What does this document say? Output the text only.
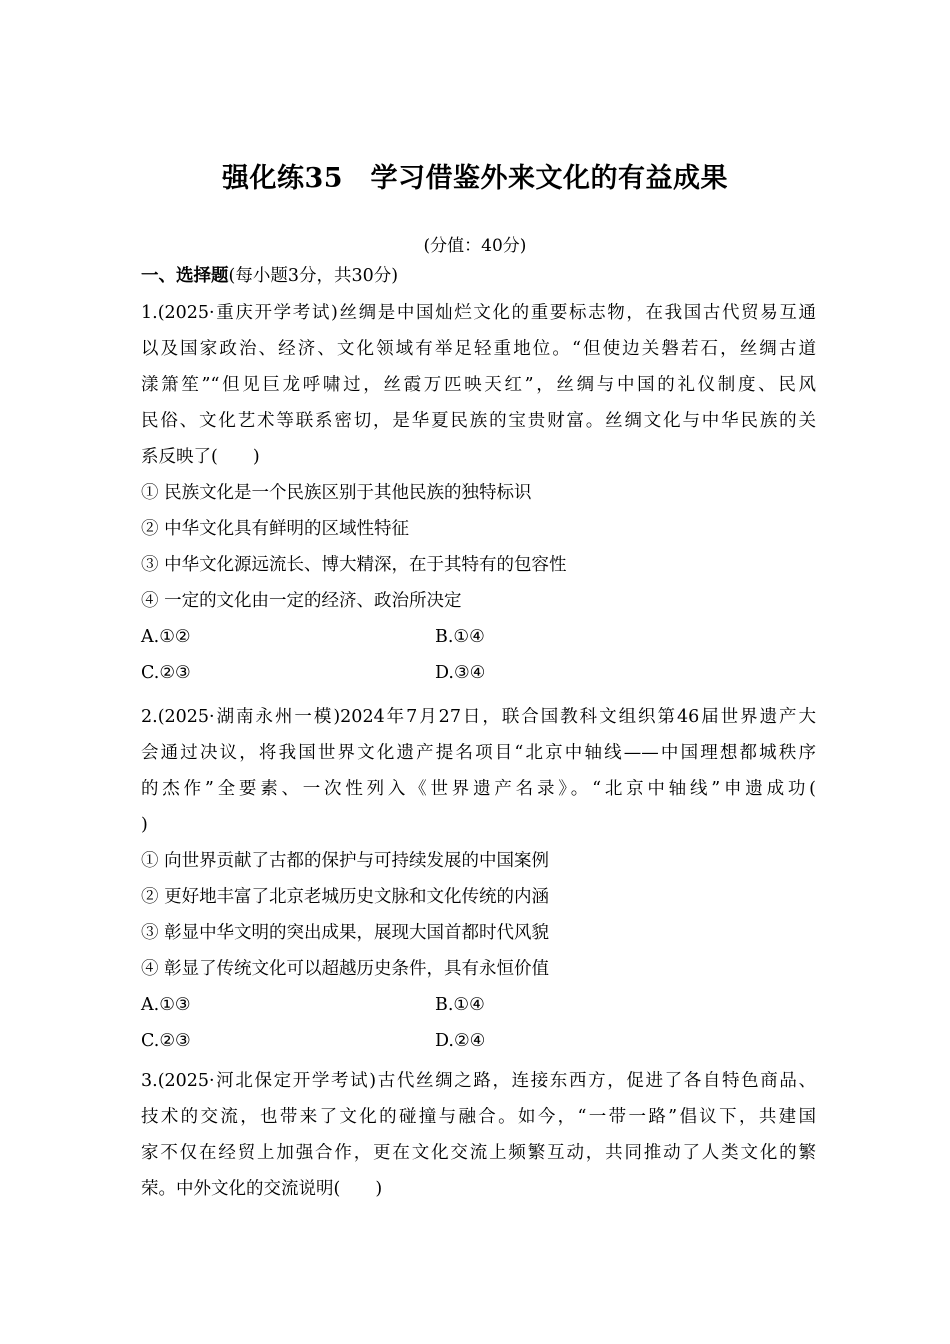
强化练35　学习借鉴外来文化的有益成果
(分值：40分)
一、选择题(每小题3分，共30分)
1.(2025·重庆开学考试)丝绸是中国灿烂文化的重要标志物，在我国古代贸易互通
以及国家政治、经济、文化领域有举足轻重地位。“但使边关磐若石，丝绸古道
漾箫笙”“但见巨龙呼啸过，丝霞万匹映天红”，丝绸与中国的礼仪制度、民风
民俗、文化艺术等联系密切，是华夏民族的宝贵财富。丝绸文化与中华民族的关
系反映了(　　)
① 民族文化是一个民族区别于其他民族的独特标识
② 中华文化具有鲜明的区域性特征
③ 中华文化源远流长、博大精深，在于其特有的包容性
④ 一定的文化由一定的经济、政治所决定
A.①②	B.①④
C.②③	D.③④
2.(2025·湖南永州一模)2024年7月27日，联合国教科文组织第46届世界遗产大
会通过决议，将我国世界文化遗产提名项目“北京中轴线——中国理想都城秩序
的杰作”全要素、一次性列入《世界遗产名录》。“北京中轴线”申遗成功(
)
① 向世界贡献了古都的保护与可持续发展的中国案例
② 更好地丰富了北京老城历史文脉和文化传统的内涵
③ 彰显中华文明的突出成果，展现大国首都时代风貌
④ 彰显了传统文化可以超越历史条件，具有永恒价值
A.①③	B.①④
C.②③	D.②④
3.(2025·河北保定开学考试)古代丝绸之路，连接东西方，促进了各自特色商品、
技术的交流，也带来了文化的碰撞与融合。如今，“一带一路”倡议下，共建国
家不仅在经贸上加强合作，更在文化交流上频繁互动，共同推动了人类文化的繁
荣。中外文化的交流说明(　　)
